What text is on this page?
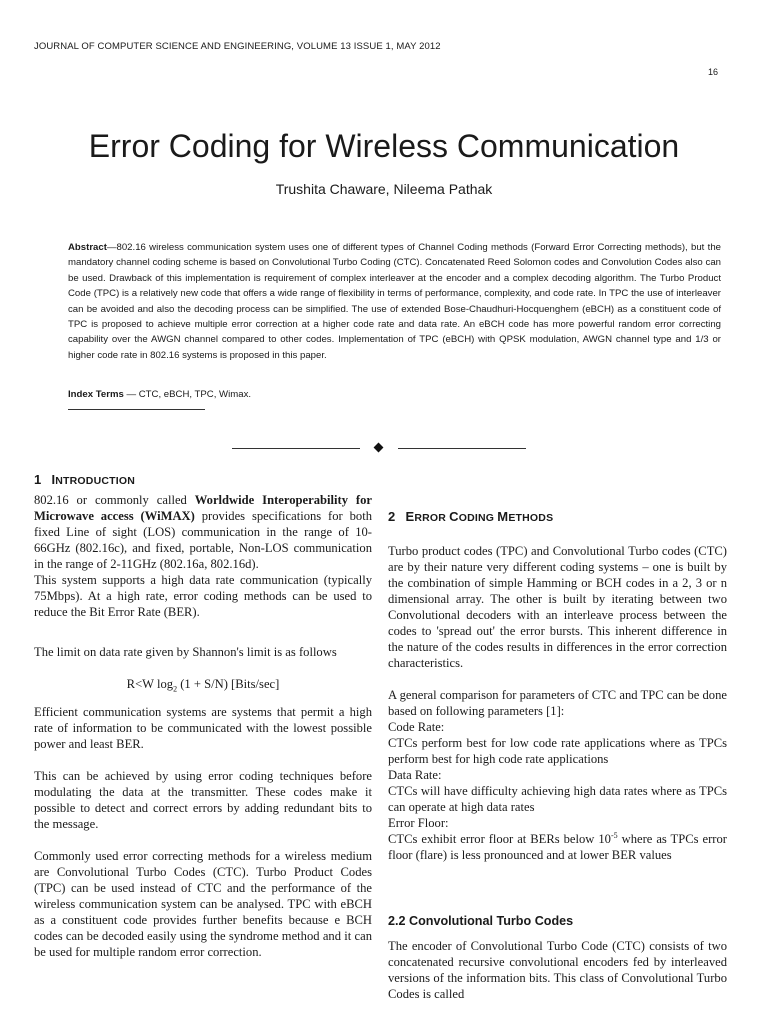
JOURNAL OF COMPUTER SCIENCE AND ENGINEERING, VOLUME 13 ISSUE 1, MAY 2012
16
Error Coding for Wireless Communication
Trushita Chaware, Nileema Pathak

Abstract—802.16 wireless communication system uses one of different types of Channel Coding methods (Forward Error Correcting methods), but the mandatory channel coding scheme is based on Convolutional Turbo Coding (CTC). Concatenated Reed Solomon codes and Convolution Codes also can be used. Drawback of this implementation is requirement of complex interleaver at the encoder and a complex decoding algorithm. The Turbo Product Code (TPC) is a relatively new code that offers a wide range of flexibility in terms of performance, complexity, and code rate. In TPC the use of interleaver can be avoided and also the decoding process can be simplified. The use of extended Bose-Chaudhuri-Hocquenghem (eBCH) as a constituent code of TPC is proposed to achieve multiple error correction at a higher code rate and data rate. An eBCH code has more powerful random error correcting capability over the AWGN channel compared to other codes. Implementation of TPC (eBCH) with QPSK modulation, AWGN channel type and 1/3 or higher code rate in 802.16 systems is proposed in this paper.

Index Terms — CTC, eBCH, TPC, Wimax.
1 INTRODUCTION

802.16 or commonly called Worldwide Interoperability for Microwave access (WiMAX) provides specifications for both fixed Line of sight (LOS) communication in the range of 10-66GHz (802.16c), and fixed, portable, Non-LOS communication in the range of 2-11GHz (802.16a, 802.16d).

This system supports a high data rate communication (typically 75Mbps). At a high rate, error coding methods can be used to reduce the Bit Error Rate (BER).

The limit on data rate given by Shannon's limit is as follows

R<W $\log_2 (1 + S/N)$ [Bits/sec]

Efficient communication systems are systems that permit a high rate of information to be communicated with the lowest possible power and least BER.

This can be achieved by using error coding techniques before modulating the data at the transmitter. These codes make it possible to detect and correct errors by adding redundant bits to the message.

Commonly used error correcting methods for a wireless medium are Convolutional Turbo Codes (CTC). Turbo Product Codes (TPC) can be used instead of CTC and the performance of the wireless communication system can be analysed. TPC with eBCH as a constituent code provides further benefits because e BCH codes can be decoded easily using the syndrome method and it can be used for multiple random error correction.

2 ERROR CODING METHODS

Turbo product codes (TPC) and Convolutional Turbo codes (CTC) are by their nature very different coding systems – one is built by the combination of simple Hamming or BCH codes in a 2, 3 or n dimensional array. The other is built by iterating between two Convolutional decoders with an interleave process between the codes to 'spread out' the error bursts. This inherent difference in the nature of the codes results in differences in the error correction characteristics.

A general comparison for parameters of CTC and TPC can be done based on following parameters [1]:

Code Rate:

CTCs perform best for low code rate applications where as TPCs perform best for high code rate applications

Data Rate:

CTCs will have difficulty achieving high data rates where as TPCs can operate at high data rates

Error Floor:

CTCs exhibit error floor at BERs below $10^{-5}$ where as TPCs error floor (flare) is less pronounced and at lower BER values

2.2 Convolutional Turbo Codes

The encoder of Convolutional Turbo Code (CTC) consists of two concatenated recursive convolutional encoders fed by interleaved versions of the information bits. This class of Convolutional Turbo Codes is called
